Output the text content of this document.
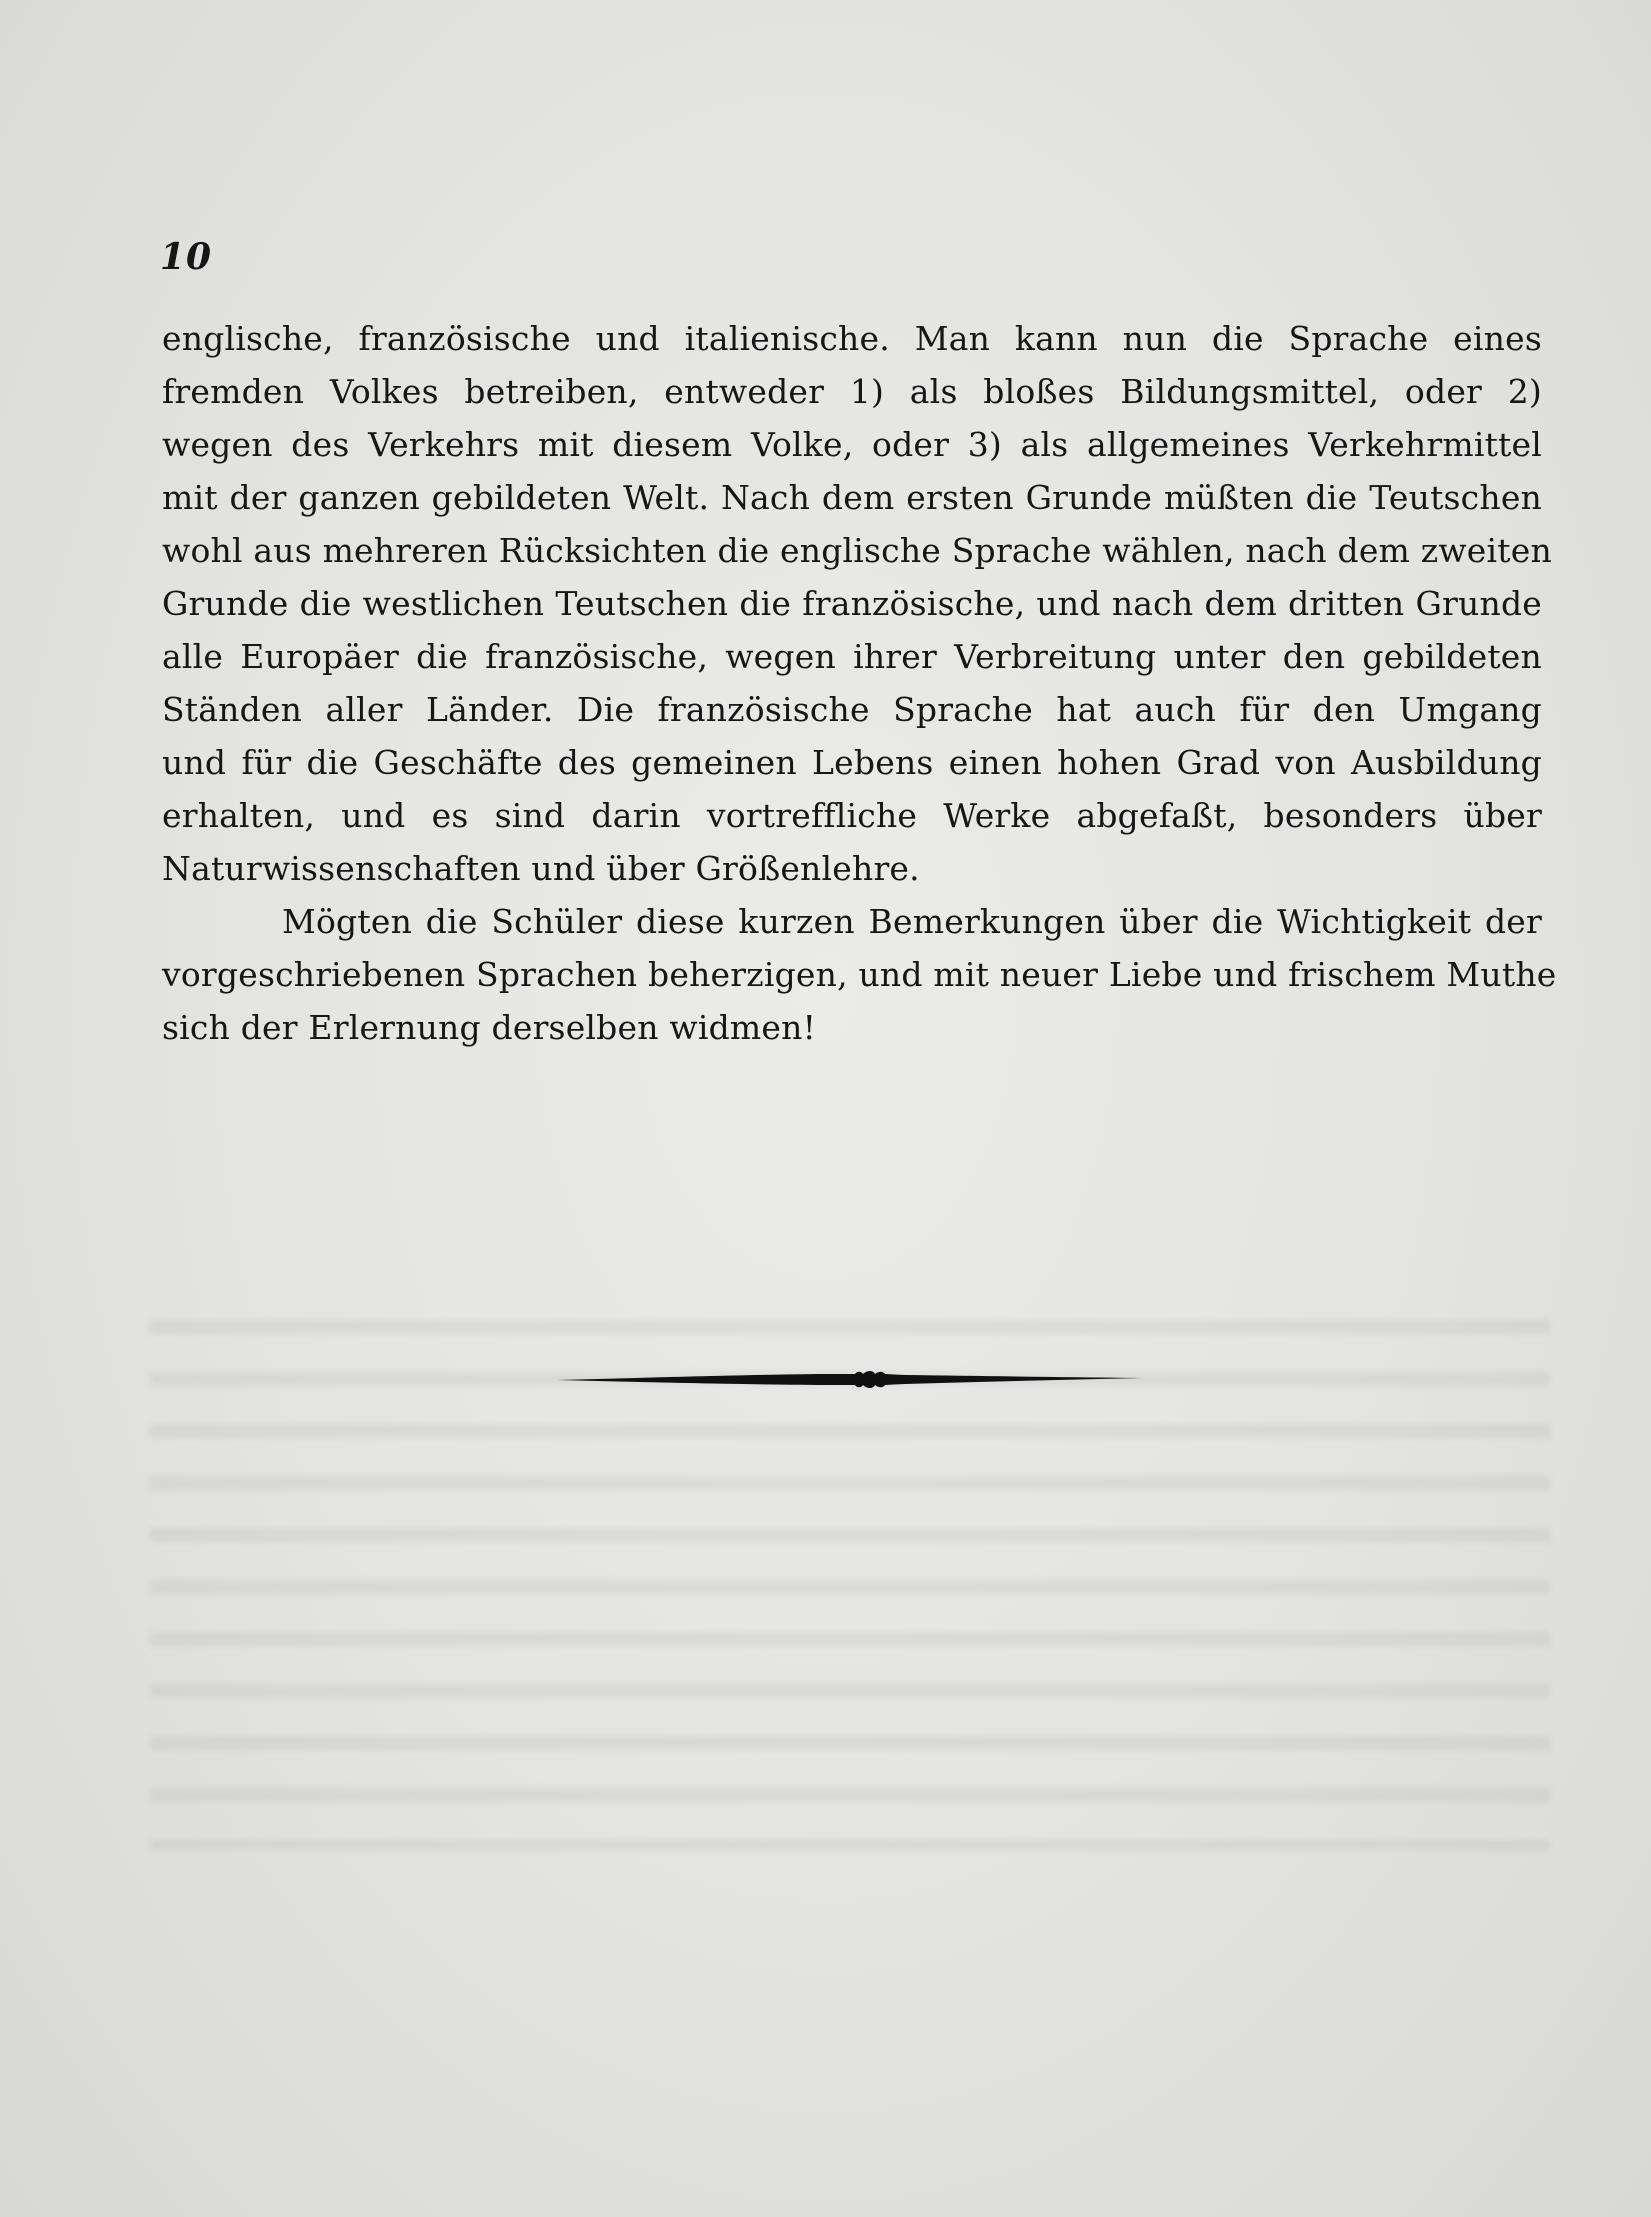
10
englische, französische und italienische. Man kann nun die Sprache eines
fremden Volkes betreiben, entweder 1) als bloßes Bildungsmittel, oder 2)
wegen des Verkehrs mit diesem Volke, oder 3) als allgemeines Verkehrmittel
mit der ganzen gebildeten Welt. Nach dem ersten Grunde müßten die Teutschen
wohl aus mehreren Rücksichten die englische Sprache wählen, nach dem zweiten
Grunde die westlichen Teutschen die französische, und nach dem dritten Grunde
alle Europäer die französische, wegen ihrer Verbreitung unter den gebildeten
Ständen aller Länder. Die französische Sprache hat auch für den Umgang
und für die Geschäfte des gemeinen Lebens einen hohen Grad von Ausbildung
erhalten, und es sind darin vortreffliche Werke abgefaßt, besonders über
Naturwissenschaften und über Größenlehre.
Mögten die Schüler diese kurzen Bemerkungen über die Wichtigkeit der
vorgeschriebenen Sprachen beherzigen, und mit neuer Liebe und frischem Muthe
sich der Erlernung derselben widmen!
